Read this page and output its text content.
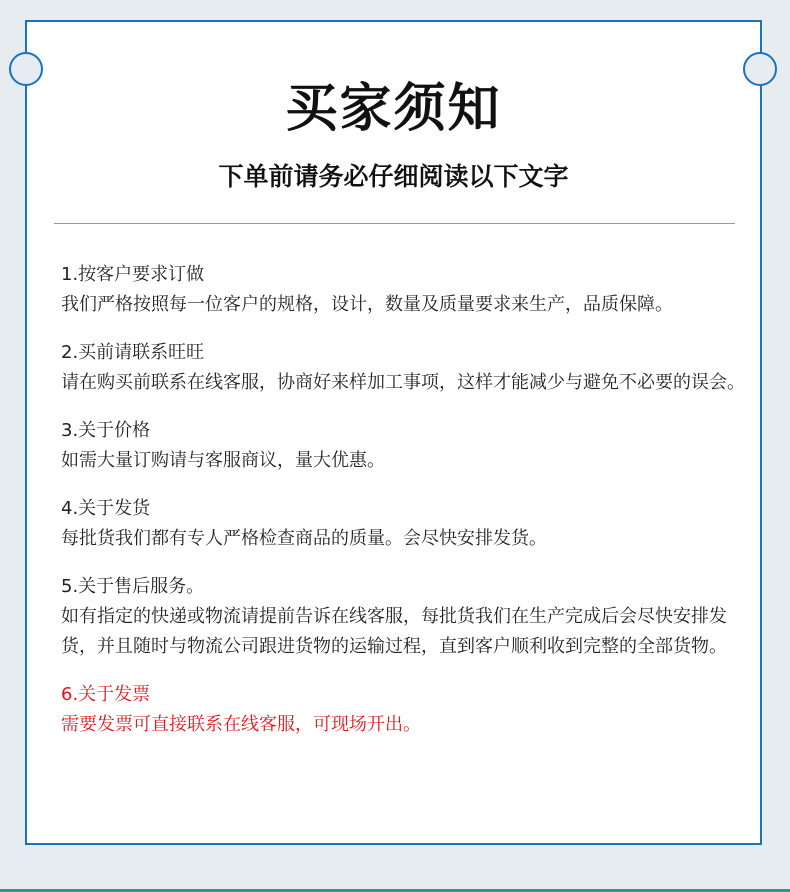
买家须知
下单前请务必仔细阅读以下文字

1.按客户要求订做

我们严格按照每一位客户的规格，设计，数量及质量要求来生产，品质保障。

2.买前请联系旺旺

请在购买前联系在线客服，协商好来样加工事项，这样才能减少与避免不必要的误会。

3.关于价格

如需大量订购请与客服商议，量大优惠。

4.关于发货

每批货我们都有专人严格检查商品的质量。会尽快安排发货。

5.关于售后服务。

如有指定的快递或物流请提前告诉在线客服，每批货我们在生产完成后会尽快安排发货，并且随时与物流公司跟进货物的运输过程，直到客户顺利收到完整的全部货物。

6.关于发票

需要发票可直接联系在线客服，可现场开出。
